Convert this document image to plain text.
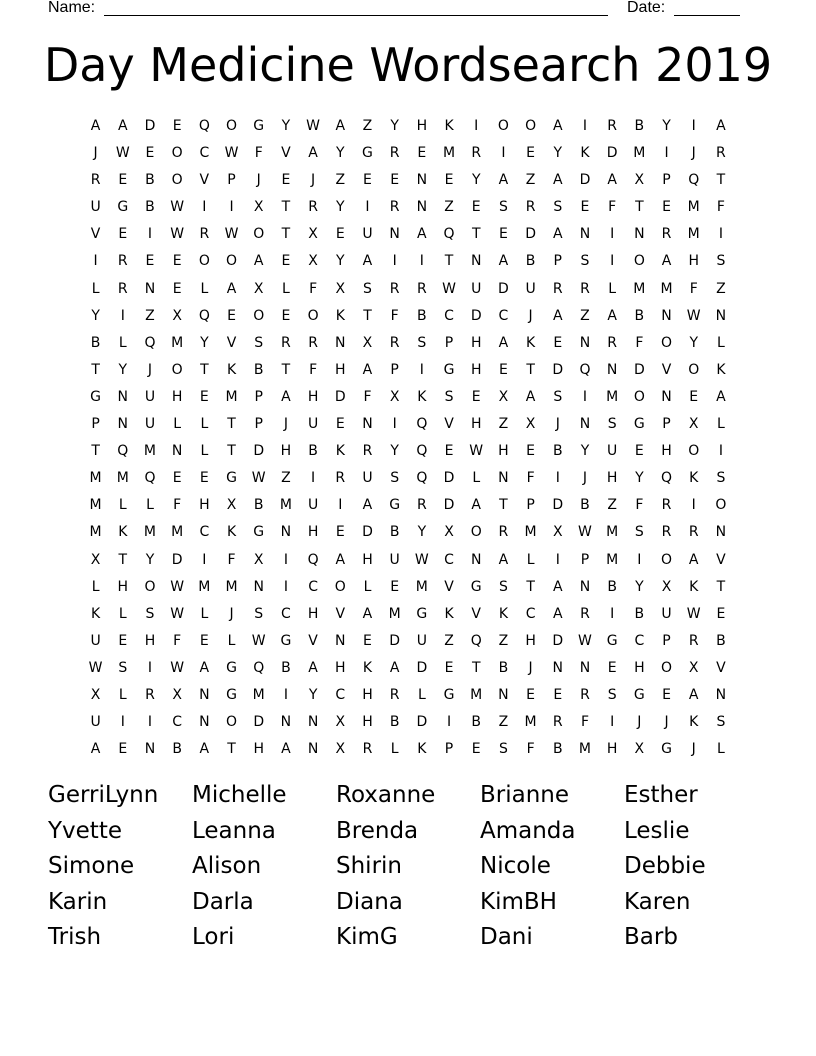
Name:	Date:
Day Medicine Wordsearch 2019
A	A	D	E	Q	O	G	Y	W	A	Z	Y	H	K	I	O	O	A	I	R	B	Y	I	A
J	W	E	O	C	W	F	V	A	Y	G	R	E	M	R	I	E	Y	K	D	M	I	J	R
R	E	B	O	V	P	J	E	J	Z	E	E	N	E	Y	A	Z	A	D	A	X	P	Q	T
U	G	B	W	I	I	X	T	R	Y	I	R	N	Z	E	S	R	S	E	F	T	E	M	F
V	E	I	W	R	W	O	T	X	E	U	N	A	Q	T	E	D	A	N	I	N	R	M	I
I	R	E	E	O	O	A	E	X	Y	A	I	I	T	N	A	B	P	S	I	O	A	H	S
L	R	N	E	L	A	X	L	F	X	S	R	R	W	U	D	U	R	R	L	M	M	F	Z
Y	I	Z	X	Q	E	O	E	O	K	T	F	B	C	D	C	J	A	Z	A	B	N	W	N
B	L	Q	M	Y	V	S	R	R	N	X	R	S	P	H	A	K	E	N	R	F	O	Y	L
T	Y	J	O	T	K	B	T	F	H	A	P	I	G	H	E	T	D	Q	N	D	V	O	K
G	N	U	H	E	M	P	A	H	D	F	X	K	S	E	X	A	S	I	M	O	N	E	A
P	N	U	L	L	T	P	J	U	E	N	I	Q	V	H	Z	X	J	N	S	G	P	X	L
T	Q	M	N	L	T	D	H	B	K	R	Y	Q	E	W	H	E	B	Y	U	E	H	O	I
M	M	Q	E	E	G	W	Z	I	R	U	S	Q	D	L	N	F	I	J	H	Y	Q	K	S
M	L	L	F	H	X	B	M	U	I	A	G	R	D	A	T	P	D	B	Z	F	R	I	O
M	K	M	M	C	K	G	N	H	E	D	B	Y	X	O	R	M	X	W	M	S	R	R	N
X	T	Y	D	I	F	X	I	Q	A	H	U	W	C	N	A	L	I	P	M	I	O	A	V
L	H	O	W	M	M	N	I	C	O	L	E	M	V	G	S	T	A	N	B	Y	X	K	T
K	L	S	W	L	J	S	C	H	V	A	M	G	K	V	K	C	A	R	I	B	U	W	E
U	E	H	F	E	L	W	G	V	N	E	D	U	Z	Q	Z	H	D	W	G	C	P	R	B
W	S	I	W	A	G	Q	B	A	H	K	A	D	E	T	B	J	N	N	E	H	O	X	V
X	L	R	X	N	G	M	I	Y	C	H	R	L	G	M	N	E	E	R	S	G	E	A	N
U	I	I	C	N	O	D	N	N	X	H	B	D	I	B	Z	M	R	F	I	J	J	K	S
A	E	N	B	A	T	H	A	N	X	R	L	K	P	E	S	F	B	M	H	X	G	J	L
GerriLynn	Michelle	Roxanne	Brianne	Esther
Yvette	Leanna	Brenda	Amanda	Leslie
Simone	Alison	Shirin	Nicole	Debbie
Karin	Darla	Diana	KimBH	Karen
Trish	Lori	KimG	Dani	Barb
